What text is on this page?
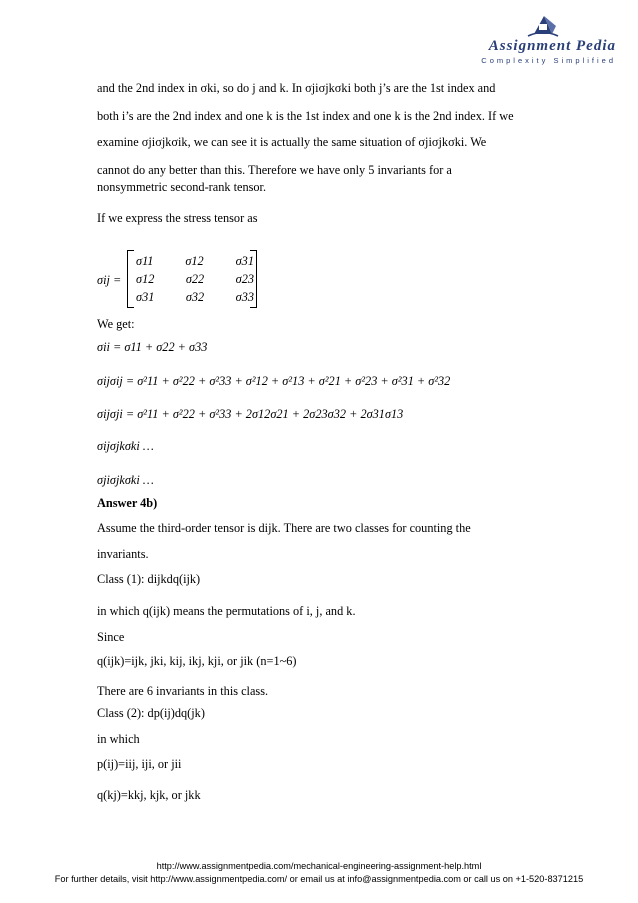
Assignment Pedia
Complexity Simplified
and the 2nd index in σki, so do j and k. In σjiσjkσki both j’s are the 1st index and
both i’s are the 2nd index and one k is the 1st index and one k is the 2nd index. If we
examine σjiσjkσik, we can see it is actually the same situation of σjiσjkσki. We
cannot do any better than this. Therefore we have only 5 invariants for a
nonsymmetric second-rank tensor.
If we express the stress tensor as
σij =
σ11	σ12	σ31
σ12	σ22	σ23
σ31	σ32	σ33
We get:
σii = σ11 + σ22 + σ33
σijσij = σ²11 + σ²22 + σ²33 + σ²12 + σ²13 + σ²21 + σ²23 + σ²31 + σ²32
σijσji = σ²11 + σ²22 + σ²33 + 2σ12σ21 + 2σ23σ32 + 2σ31σ13
σijσjkσki …
σjiσjkσki …
Answer 4b)
Assume the third-order tensor is dijk. There are two classes for counting the
invariants.
Class (1): dijkdq(ijk)
in which q(ijk) means the permutations of i, j, and k.
Since
q(ijk)=ijk, jki, kij, ikj, kji, or jik (n=1~6)
There are 6 invariants in this class.
Class (2): dp(ij)dq(jk)
in which
p(ij)=iij, iji, or jii
q(kj)=kkj, kjk, or jkk
http://www.assignmentpedia.com/mechanical-engineering-assignment-help.html
For further details, visit http://www.assignmentpedia.com/ or email us at info@assignmentpedia.com or call us on +1-520-8371215
